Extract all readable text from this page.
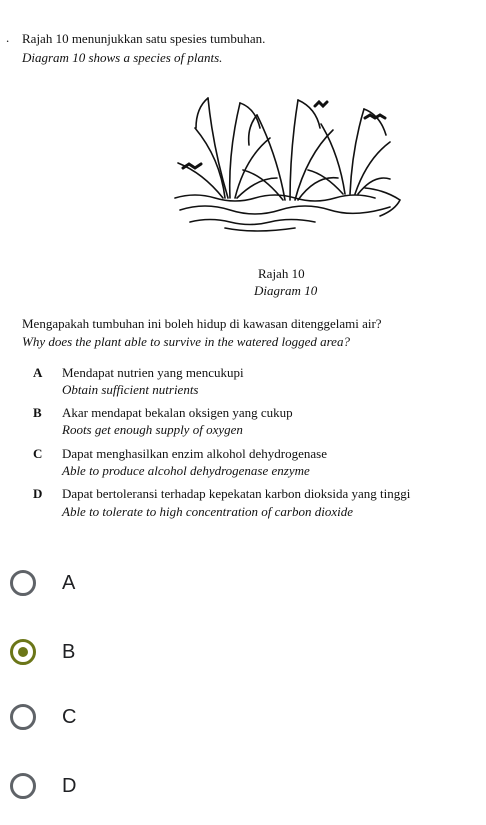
. Rajah 10 menunjukkan satu spesies tumbuhan.
Diagram 10 shows a species of plants.
Rajah 10
Diagram 10
Mengapakah tumbuhan ini boleh hidup di kawasan ditenggelami air?
Why does the plant able to survive in the watered logged area?
A Mendapat nutrien yang mencukupi
Obtain sufficient nutrients
B Akar mendapat bekalan oksigen yang cukup
Roots get enough supply of oxygen
C Dapat menghasilkan enzim alkohol dehydrogenase
Able to produce alcohol dehydrogenase enzyme
D Dapat bertoleransi terhadap kepekatan karbon dioksida yang tinggi
Able to tolerate to high concentration of carbon dioxide
A
B
C
D
